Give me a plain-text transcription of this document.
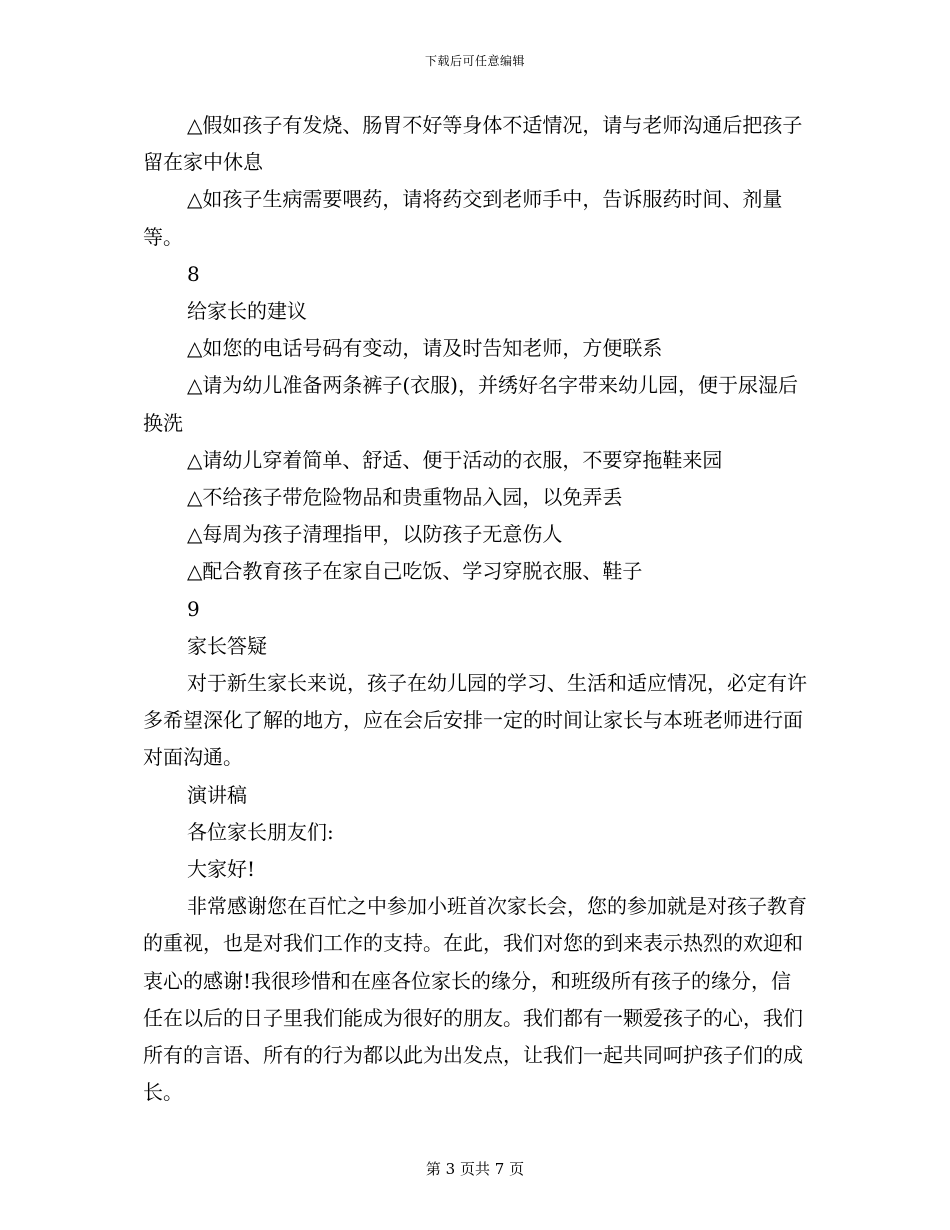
下载后可任意编辑

△假如孩子有发烧、肠胃不好等身体不适情况，请与老师沟通后把孩子留在家中休息

△如孩子生病需要喂药，请将药交到老师手中，告诉服药时间、剂量等。

8

给家长的建议

△如您的电话号码有变动，请及时告知老师，方便联系

△请为幼儿准备两条裤子(衣服)，并绣好名字带来幼儿园，便于尿湿后换洗

△请幼儿穿着简单、舒适、便于活动的衣服，不要穿拖鞋来园

△不给孩子带危险物品和贵重物品入园，以免弄丢

△每周为孩子清理指甲，以防孩子无意伤人

△配合教育孩子在家自己吃饭、学习穿脱衣服、鞋子

9

家长答疑

对于新生家长来说，孩子在幼儿园的学习、生活和适应情况，必定有许多希望深化了解的地方，应在会后安排一定的时间让家长与本班老师进行面对面沟通。

演讲稿

各位家长朋友们:

大家好!

非常感谢您在百忙之中参加小班首次家长会，您的参加就是对孩子教育的重视，也是对我们工作的支持。在此，我们对您的到来表示热烈的欢迎和衷心的感谢!我很珍惜和在座各位家长的缘分，和班级所有孩子的缘分，信任在以后的日子里我们能成为很好的朋友。我们都有一颗爱孩子的心，我们所有的言语、所有的行为都以此为出发点，让我们一起共同呵护孩子们的成长。

第 3 页共 7 页
